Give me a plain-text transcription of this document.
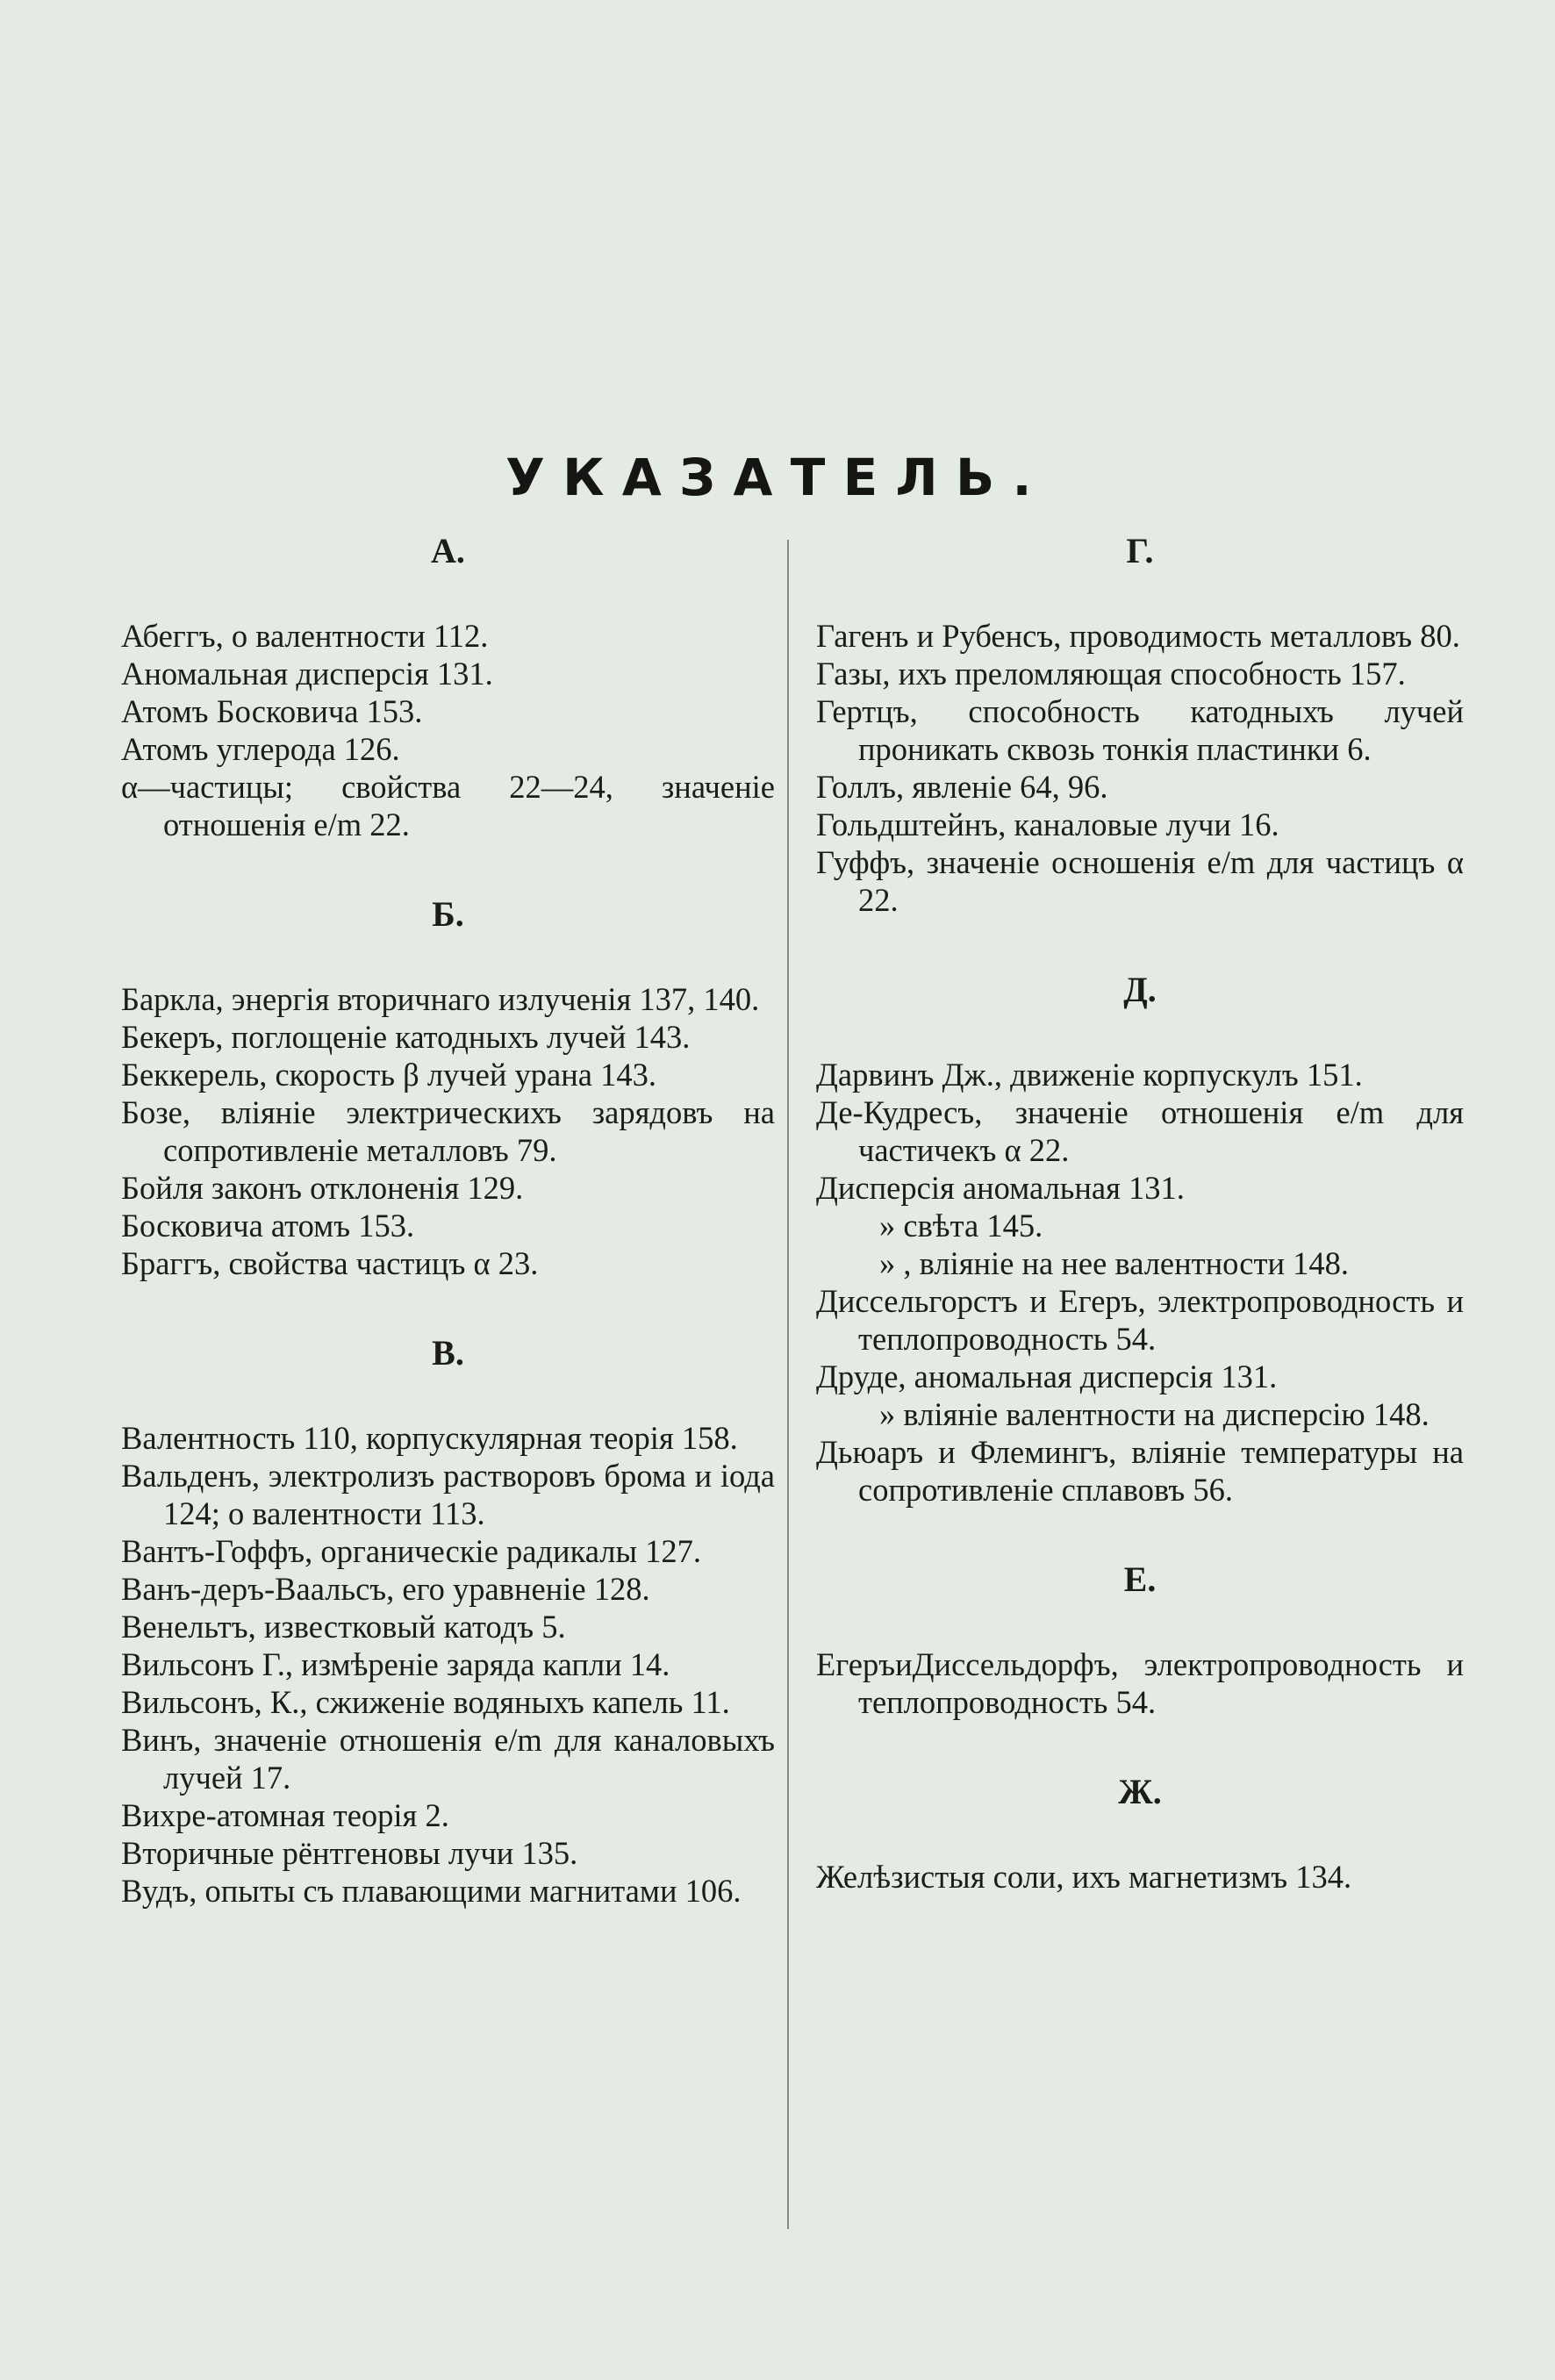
УКАЗАТЕЛЬ.
А.

Абеггъ, о валентности 112.

Аномальная дисперсія 131.

Атомъ Босковича 153.

Атомъ углерода 126.

α—частицы; свойства 22—24, значеніе отношенія e/m 22.

Б.

Баркла, энергія вторичнаго излученія 137, 140.

Бекеръ, поглощеніе катодныхъ лучей 143.

Беккерель, скорость β лучей урана 143.

Бозе, вліяніе электрическихъ зарядовъ на сопротивленіе металловъ 79.

Бойля законъ отклоненія 129.

Босковича атомъ 153.

Браггъ, свойства частицъ α 23.

В.

Валентность 110, корпускулярная теорія 158.

Вальденъ, электролизъ растворовъ брома и іода 124; о валентности 113.

Вантъ-Гоффъ, органическіе радикалы 127.

Ванъ-деръ-Ваальсъ, его уравненіе 128.

Венельтъ, известковый катодъ 5.

Вильсонъ Г., измѣреніе заряда капли 14.

Вильсонъ, К., сжиженіе водяныхъ капель 11.

Винъ, значеніе отношенія e/m для каналовыхъ лучей 17.

Вихре-атомная теорія 2.

Вторичные рёнтгеновы лучи 135.

Вудъ, опыты съ плавающими магнитами 106.

Г.

Гагенъ и Рубенсъ, проводимость металловъ 80.

Газы, ихъ преломляющая способность 157.

Гертцъ, способность катодныхъ лучей проникать сквозь тонкія пластинки 6.

Голлъ, явленіе 64, 96.

Гольдштейнъ, каналовые лучи 16.

Гуффъ, значеніе осношенія e/m для частицъ α 22.

Д.

Дарвинъ Дж., движеніе корпускулъ 151.

Де-Кудресъ, значеніе отношенія e/m для частичекъ α 22.

Дисперсія аномальная 131.

» свѣта 145.

» , вліяніе на нее валентности 148.

Диссельгорстъ и Егеръ, электропроводность и теплопроводность 54.

Друде, аномальная дисперсія 131.

» вліяніе валентности на дисперсію 148.

Дьюаръ и Флемингъ, вліяніе температуры на сопротивленіе сплавовъ 56.

Е.

ЕгеръиДиссельдорфъ, электропроводность и теплопроводность 54.

Ж.

Желѣзистыя соли, ихъ магнетизмъ 134.
